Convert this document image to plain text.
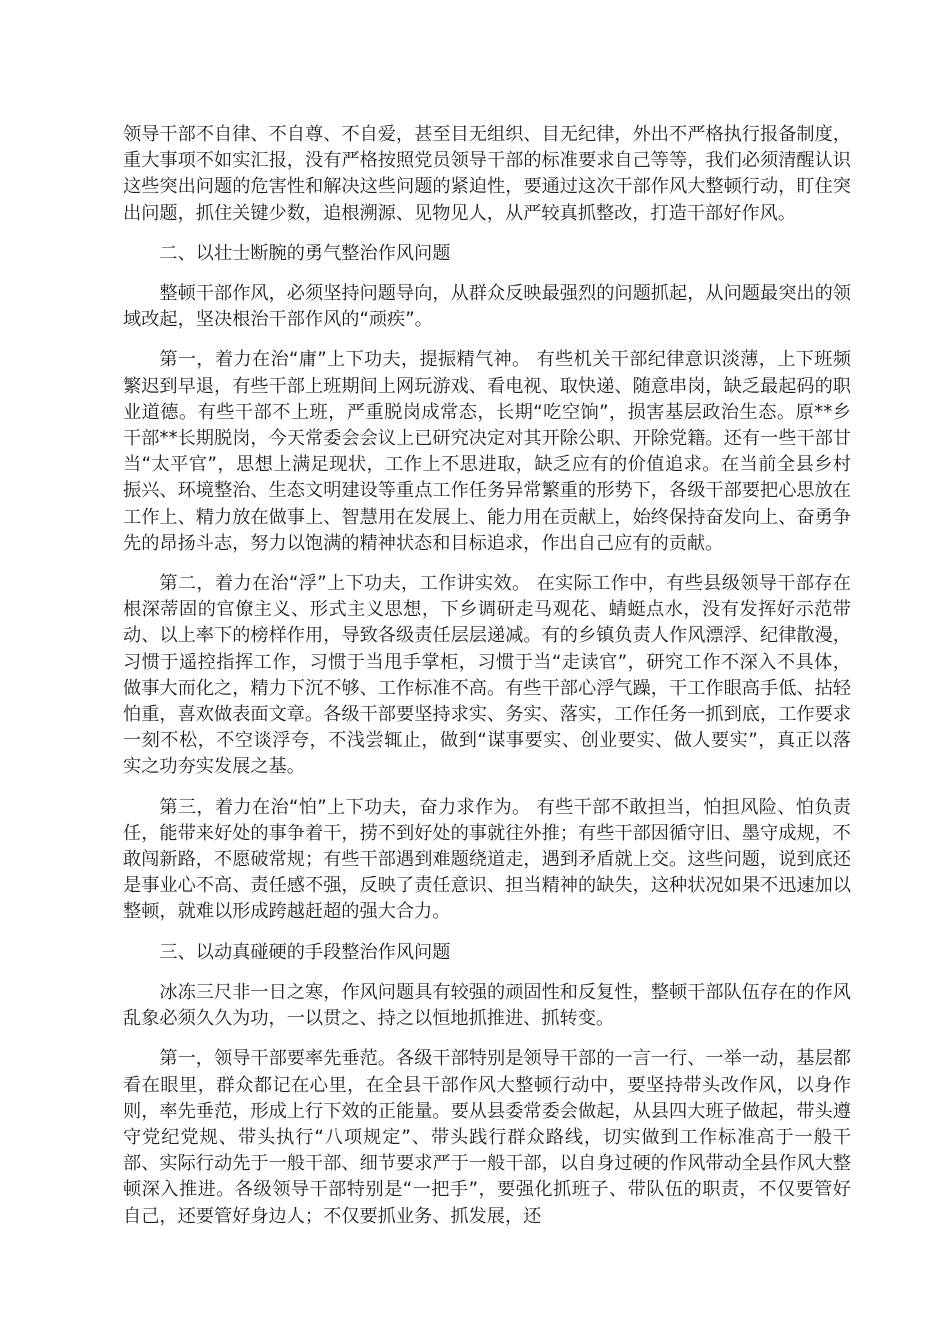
领导干部不自律、不自尊、不自爱，甚至目无组织、目无纪律，外出不严格执行报备制度，重大事项不如实汇报，没有严格按照党员领导干部的标准要求自己等等，我们必须清醒认识这些突出问题的危害性和解决这些问题的紧迫性，要通过这次干部作风大整顿行动，盯住突出问题，抓住关键少数，追根溯源、见物见人，从严较真抓整改，打造干部好作风。

二、以壮士断腕的勇气整治作风问题

整顿干部作风，必须坚持问题导向，从群众反映最强烈的问题抓起，从问题最突出的领域改起，坚决根治干部作风的“顽疾”。

第一，着力在治“庸”上下功夫，提振精气神。 有些机关干部纪律意识淡薄，上下班频繁迟到早退，有些干部上班期间上网玩游戏、看电视、取快递、随意串岗，缺乏最起码的职业道德。有些干部不上班，严重脱岗成常态，长期“吃空饷”，损害基层政治生态。原**乡干部**长期脱岗，今天常委会会议上已研究决定对其开除公职、开除党籍。还有一些干部甘当“太平官”，思想上满足现状，工作上不思进取，缺乏应有的价值追求。在当前全县乡村振兴、环境整治、生态文明建设等重点工作任务异常繁重的形势下，各级干部要把心思放在工作上、精力放在做事上、智慧用在发展上、能力用在贡献上，始终保持奋发向上、奋勇争先的昂扬斗志，努力以饱满的精神状态和目标追求，作出自己应有的贡献。

第二，着力在治“浮”上下功夫，工作讲实效。 在实际工作中，有些县级领导干部存在根深蒂固的官僚主义、形式主义思想，下乡调研走马观花、蜻蜓点水，没有发挥好示范带动、以上率下的榜样作用，导致各级责任层层递减。有的乡镇负责人作风漂浮、纪律散漫，习惯于遥控指挥工作，习惯于当甩手掌柜，习惯于当“走读官”，研究工作不深入不具体，做事大而化之，精力下沉不够、工作标准不高。有些干部心浮气躁，干工作眼高手低、拈轻怕重，喜欢做表面文章。各级干部要坚持求实、务实、落实，工作任务一抓到底，工作要求一刻不松，不空谈浮夸，不浅尝辄止，做到“谋事要实、创业要实、做人要实”，真正以落实之功夯实发展之基。

第三，着力在治“怕”上下功夫，奋力求作为。 有些干部不敢担当，怕担风险、怕负责任，能带来好处的事争着干，捞不到好处的事就往外推；有些干部因循守旧、墨守成规，不敢闯新路，不愿破常规；有些干部遇到难题绕道走，遇到矛盾就上交。这些问题，说到底还是事业心不高、责任感不强，反映了责任意识、担当精神的缺失，这种状况如果不迅速加以整顿，就难以形成跨越赶超的强大合力。

三、以动真碰硬的手段整治作风问题

冰冻三尺非一日之寒，作风问题具有较强的顽固性和反复性，整顿干部队伍存在的作风乱象必须久久为功，一以贯之、持之以恒地抓推进、抓转变。

第一，领导干部要率先垂范。各级干部特别是领导干部的一言一行、一举一动，基层都看在眼里，群众都记在心里，在全县干部作风大整顿行动中，要坚持带头改作风，以身作则，率先垂范，形成上行下效的正能量。要从县委常委会做起，从县四大班子做起，带头遵守党纪党规、带头执行“八项规定”、带头践行群众路线，切实做到工作标准高于一般干部、实际行动先于一般干部、细节要求严于一般干部，以自身过硬的作风带动全县作风大整顿深入推进。各级领导干部特别是“一把手”，要强化抓班子、带队伍的职责，不仅要管好自己，还要管好身边人；不仅要抓业务、抓发展，还
